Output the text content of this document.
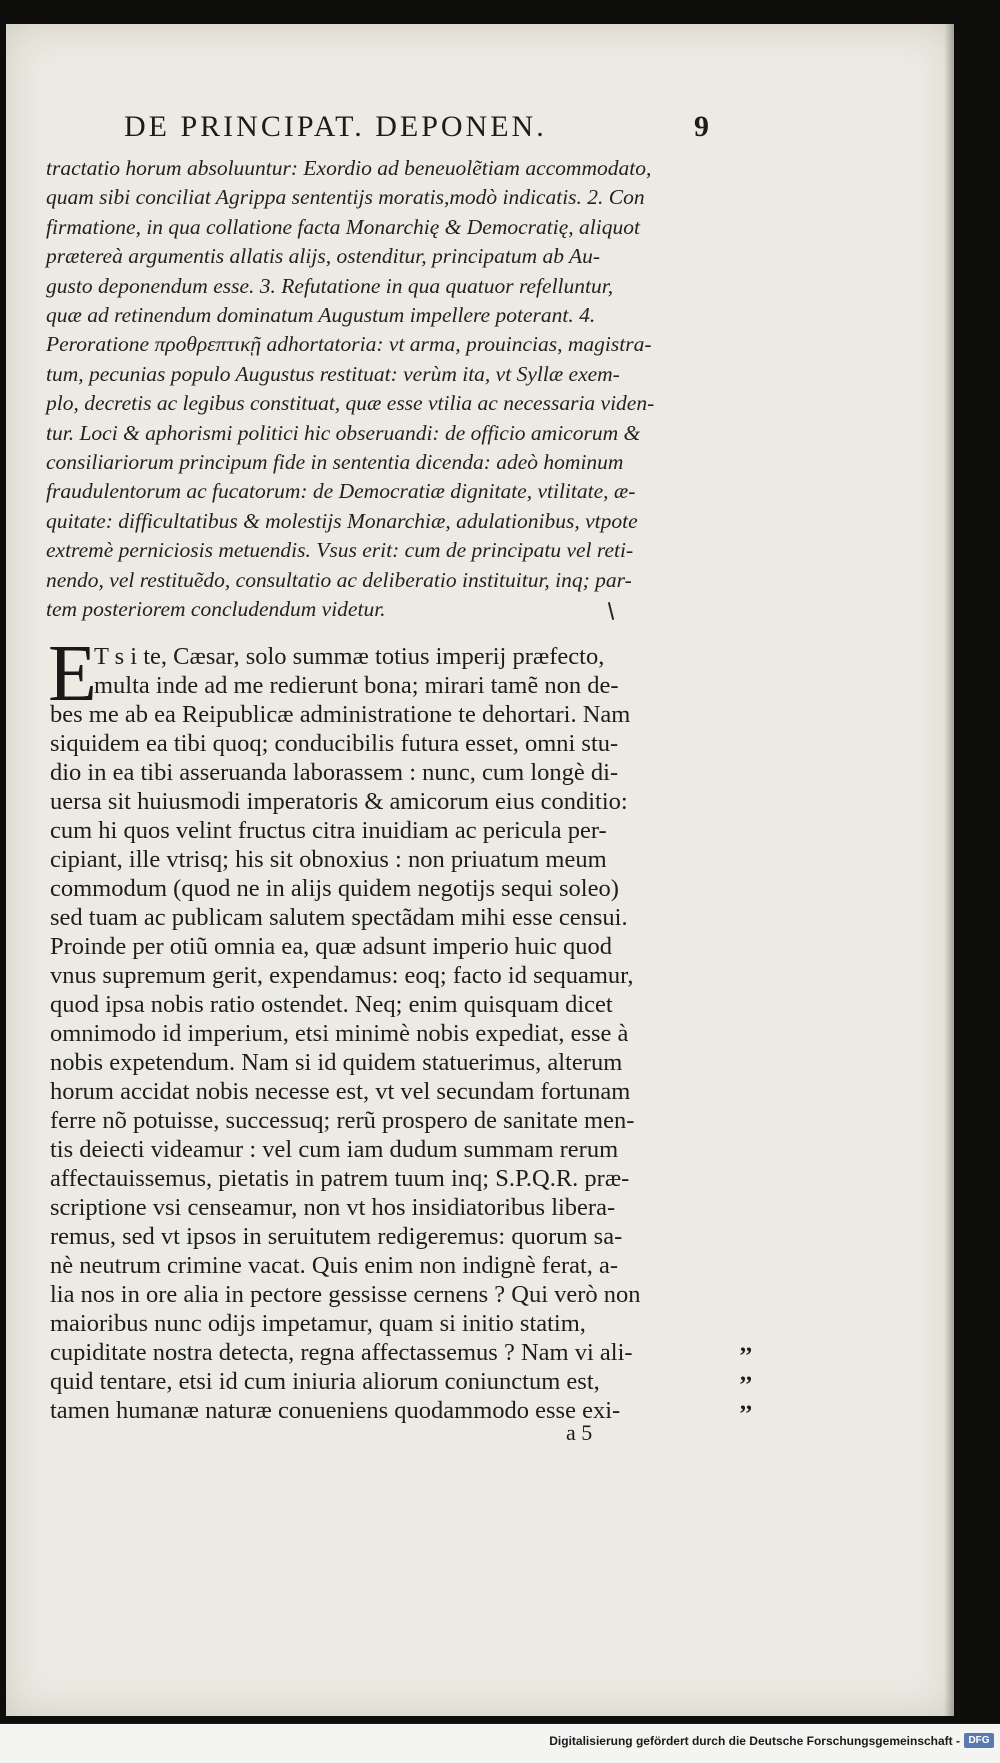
DE PRINCIPAT. DEPONEN.	9
tractatio horum absoluuntur: Exordio ad beneuolẽtiam accommodato,
quam sibi conciliat Agrippa sententijs moratis,modò indicatis. 2. Con
firmatione, in qua collatione facta Monarchię & Democratię, aliquot
prætereà argumentis allatis alijs, ostenditur, principatum ab Au-
gusto deponendum esse. 3. Refutatione in qua quatuor refelluntur,
quæ ad retinendum dominatum Augustum impellere poterant. 4.
Peroratione προθρεπτικῇ adhortatoria: vt arma, prouincias, magistra-
tum, pecunias populo Augustus restituat: verùm ita, vt Syllæ exem-
plo, decretis ac legibus constituat, quæ esse vtilia ac necessaria viden-
tur. Loci & aphorismi politici hic obseruandi: de officio amicorum &
consiliariorum principum fide in sententia dicenda: adeò hominum
fraudulentorum ac fucatorum: de Democratiæ dignitate, vtilitate, æ-
quitate: difficultatibus & molestijs Monarchiæ, adulationibus, vtpote
extremè perniciosis metuendis. Vsus erit: cum de principatu vel reti-
nendo, vel restituẽdo, consultatio ac deliberatio instituitur, inq; par-
tem posteriorem concludendum videtur.
E
T s i te, Cæsar, solo summæ totius imperij præfecto,
multa inde ad me redierunt bona; mirari tamẽ non de-
bes me ab ea Reipublicæ administratione te dehortari. Nam
siquidem ea tibi quoq; conducibilis futura esset, omni stu-
dio in ea tibi asseruanda laborassem : nunc, cum longè di-
uersa sit huiusmodi imperatoris & amicorum eius conditio:
cum hi quos velint fructus citra inuidiam ac pericula per-
cipiant, ille vtrisq; his sit obnoxius : non priuatum meum
commodum (quod ne in alijs quidem negotijs sequi soleo)
sed tuam ac publicam salutem spectãdam mihi esse censui.
Proinde per otiũ omnia ea, quæ adsunt imperio huic quod
vnus supremum gerit, expendamus: eoq; facto id sequamur,
quod ipsa nobis ratio ostendet. Neq; enim quisquam dicet
omnimodo id imperium, etsi minimè nobis expediat, esse à
nobis expetendum. Nam si id quidem statuerimus, alterum
horum accidat nobis necesse est, vt vel secundam fortunam
ferre nõ potuisse, successuq; rerũ prospero de sanitate men-
tis deiecti videamur : vel cum iam dudum summam rerum
affectauissemus, pietatis in patrem tuum inq; S.P.Q.R. præ-
scriptione vsi censeamur, non vt hos insidiatoribus libera-
remus, sed vt ipsos in seruitutem redigeremus: quorum sa-
nè neutrum crimine vacat. Quis enim non indignè ferat, a-
lia nos in ore alia in pectore gessisse cernens ? Qui verò non
maioribus nunc odijs impetamur, quam si initio statim,
cupiditate nostra detecta, regna affectassemus ? Nam vi ali-
quid tentare, etsi id cum iniuria aliorum coniunctum est,
tamen humanæ naturæ conueniens quodammodo esse exi-
,,
,,
,,
a 5
Digitalisierung gefördert durch die Deutsche Forschungsgemeinschaft - DFG
